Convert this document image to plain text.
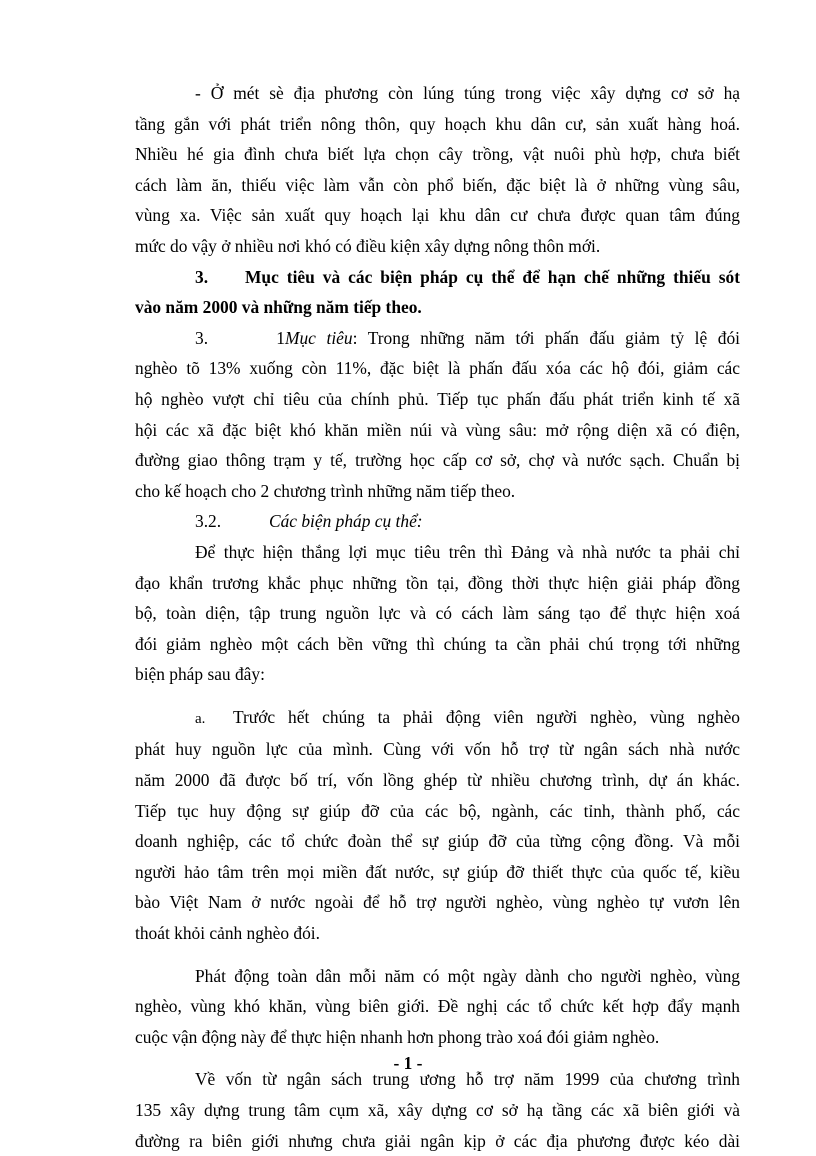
- Ở mét sè địa phương còn lúng túng trong việc xây dựng cơ sở hạ
tầng gắn với phát triển nông thôn, quy hoạch khu dân cư, sản xuất hàng hoá.
Nhiều hé gia đình chưa biết lựa chọn cây trồng, vật nuôi phù hợp, chưa biết
cách làm ăn, thiếu việc làm vẫn còn phổ biến, đặc biệt là ở những vùng sâu,
vùng xa. Việc sản xuất quy hoạch lại khu dân cư chưa được quan tâm đúng
mức do vậy ở nhiều nơi khó có điều kiện xây dựng nông thôn mới.
3. Mục tiêu và các biện pháp cụ thể để hạn chế những thiếu sót
vào năm 2000 và những năm tiếp theo.
3. 1Mục tiêu: Trong những năm tới phấn đấu giảm tỷ lệ đói
nghèo tõ 13% xuống còn 11%, đặc biệt là phấn đấu xóa các hộ đói, giảm các
hộ nghèo vượt chỉ tiêu của chính phủ. Tiếp tục phấn đấu phát triển kinh tế xã
hội các xã đặc biệt khó khăn miền núi và vùng sâu: mở rộng diện xã có điện,
đường giao thông trạm y tế, trường học cấp cơ sở, chợ và nước sạch. Chuẩn bị
cho kế hoạch cho 2 chương trình những năm tiếp theo.
3.2.	Các biện pháp cụ thể:
Để thực hiện thắng lợi mục tiêu trên thì Đảng và nhà nước ta phải chỉ
đạo khẩn trương khắc phục những tồn tại, đồng thời thực hiện giải pháp đồng
bộ, toàn diện, tập trung nguồn lực và có cách làm sáng tạo để thực hiện xoá
đói giảm nghèo một cách bền vững thì chúng ta cần phải chú trọng tới những
biện pháp sau đây:
a. Trước hết chúng ta phải động viên người nghèo, vùng nghèo
phát huy nguồn lực của mình. Cùng với vốn hỗ trợ từ ngân sách nhà nước
năm 2000 đã được bố trí, vốn lồng ghép từ nhiều chương trình, dự án khác.
Tiếp tục huy động sự giúp đỡ của các bộ, ngành, các tỉnh, thành phố, các
doanh nghiệp, các tổ chức đoàn thể sự giúp đỡ của từng cộng đồng. Và mỗi
người hảo tâm trên mọi miền đất nước, sự giúp đỡ thiết thực của quốc tế, kiều
bào Việt Nam ở nước ngoài để hỗ trợ người nghèo, vùng nghèo tự vươn lên
thoát khỏi cảnh nghèo đói.
Phát động toàn dân mỗi năm có một ngày dành cho người nghèo, vùng
nghèo, vùng khó khăn, vùng biên giới. Đề nghị các tổ chức kết hợp đẩy mạnh
cuộc vận động này để thực hiện nhanh hơn phong trào xoá đói giảm nghèo.
Về vốn từ ngân sách trung ương hỗ trợ năm 1999 của chương trình
135 xây dựng trung tâm cụm xã, xây dựng cơ sở hạ tầng các xã biên giới và
đường ra biên giới nhưng chưa giải ngân kịp ở các địa phương được kéo dài
- 1 -
